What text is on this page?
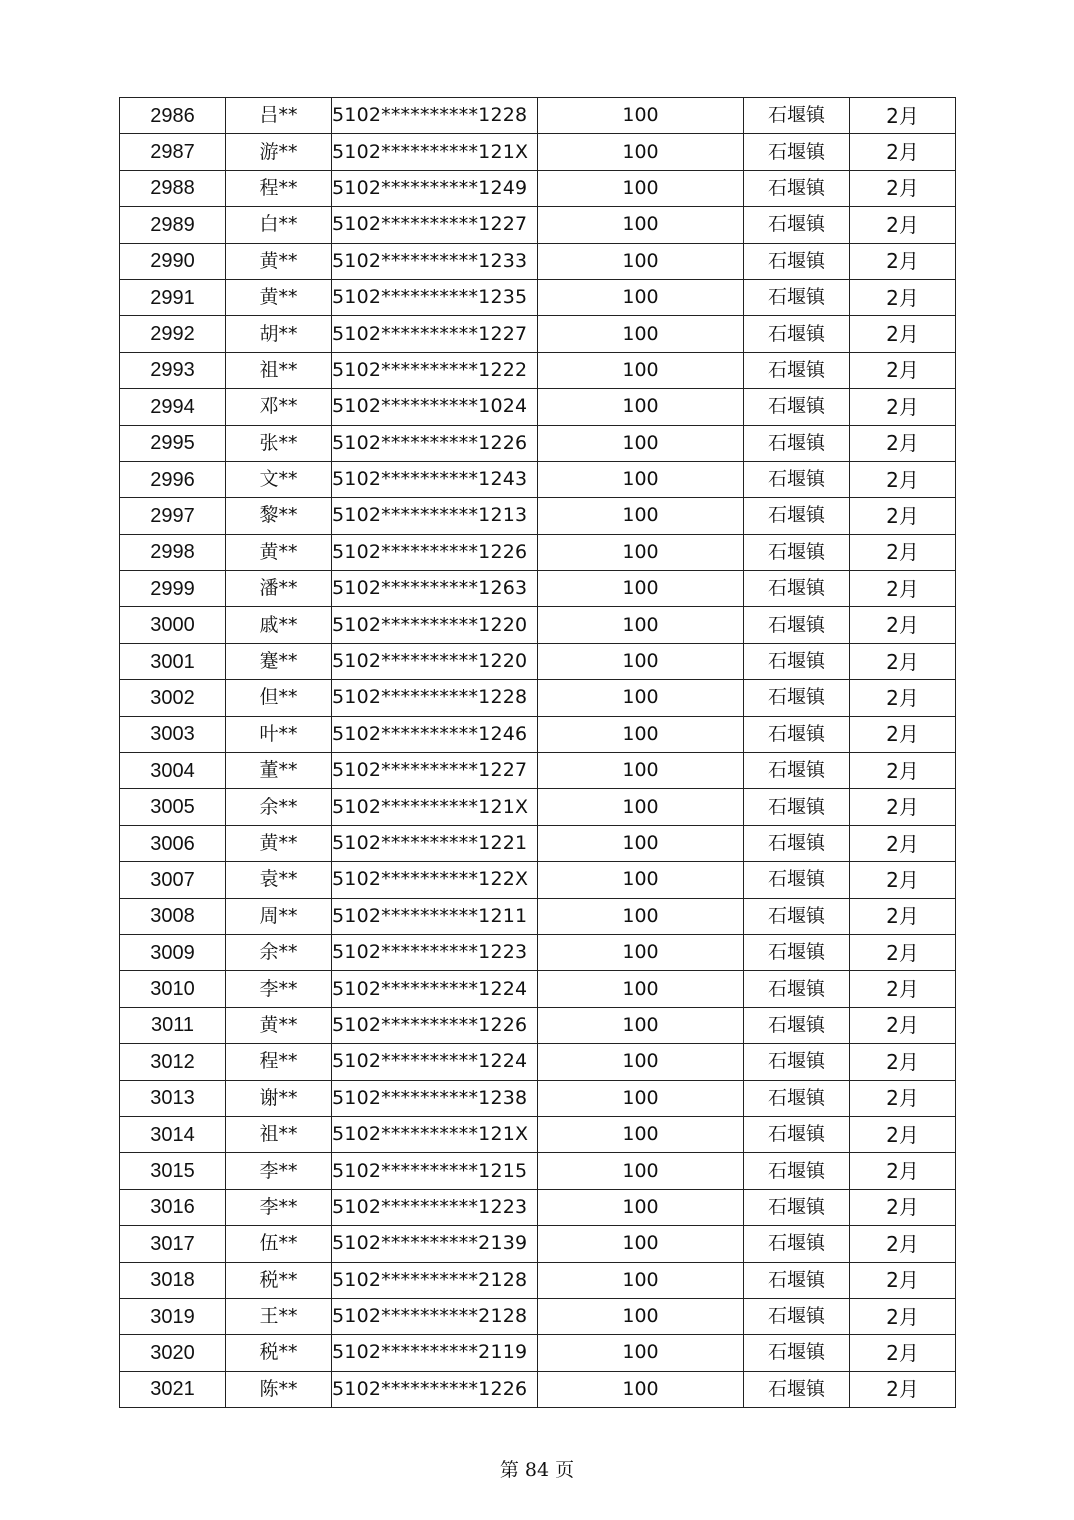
2986	吕**	5102**********1228	100	石堰镇	2月
2987	游**	5102**********121X	100	石堰镇	2月
2988	程**	5102**********1249	100	石堰镇	2月
2989	白**	5102**********1227	100	石堰镇	2月
2990	黄**	5102**********1233	100	石堰镇	2月
2991	黄**	5102**********1235	100	石堰镇	2月
2992	胡**	5102**********1227	100	石堰镇	2月
2993	祖**	5102**********1222	100	石堰镇	2月
2994	邓**	5102**********1024	100	石堰镇	2月
2995	张**	5102**********1226	100	石堰镇	2月
2996	文**	5102**********1243	100	石堰镇	2月
2997	黎**	5102**********1213	100	石堰镇	2月
2998	黄**	5102**********1226	100	石堰镇	2月
2999	潘**	5102**********1263	100	石堰镇	2月
3000	戚**	5102**********1220	100	石堰镇	2月
3001	蹇**	5102**********1220	100	石堰镇	2月
3002	但**	5102**********1228	100	石堰镇	2月
3003	叶**	5102**********1246	100	石堰镇	2月
3004	董**	5102**********1227	100	石堰镇	2月
3005	余**	5102**********121X	100	石堰镇	2月
3006	黄**	5102**********1221	100	石堰镇	2月
3007	袁**	5102**********122X	100	石堰镇	2月
3008	周**	5102**********1211	100	石堰镇	2月
3009	余**	5102**********1223	100	石堰镇	2月
3010	李**	5102**********1224	100	石堰镇	2月
3011	黄**	5102**********1226	100	石堰镇	2月
3012	程**	5102**********1224	100	石堰镇	2月
3013	谢**	5102**********1238	100	石堰镇	2月
3014	祖**	5102**********121X	100	石堰镇	2月
3015	李**	5102**********1215	100	石堰镇	2月
3016	李**	5102**********1223	100	石堰镇	2月
3017	伍**	5102**********2139	100	石堰镇	2月
3018	税**	5102**********2128	100	石堰镇	2月
3019	王**	5102**********2128	100	石堰镇	2月
3020	税**	5102**********2119	100	石堰镇	2月
3021	陈**	5102**********1226	100	石堰镇	2月
第 84 页
